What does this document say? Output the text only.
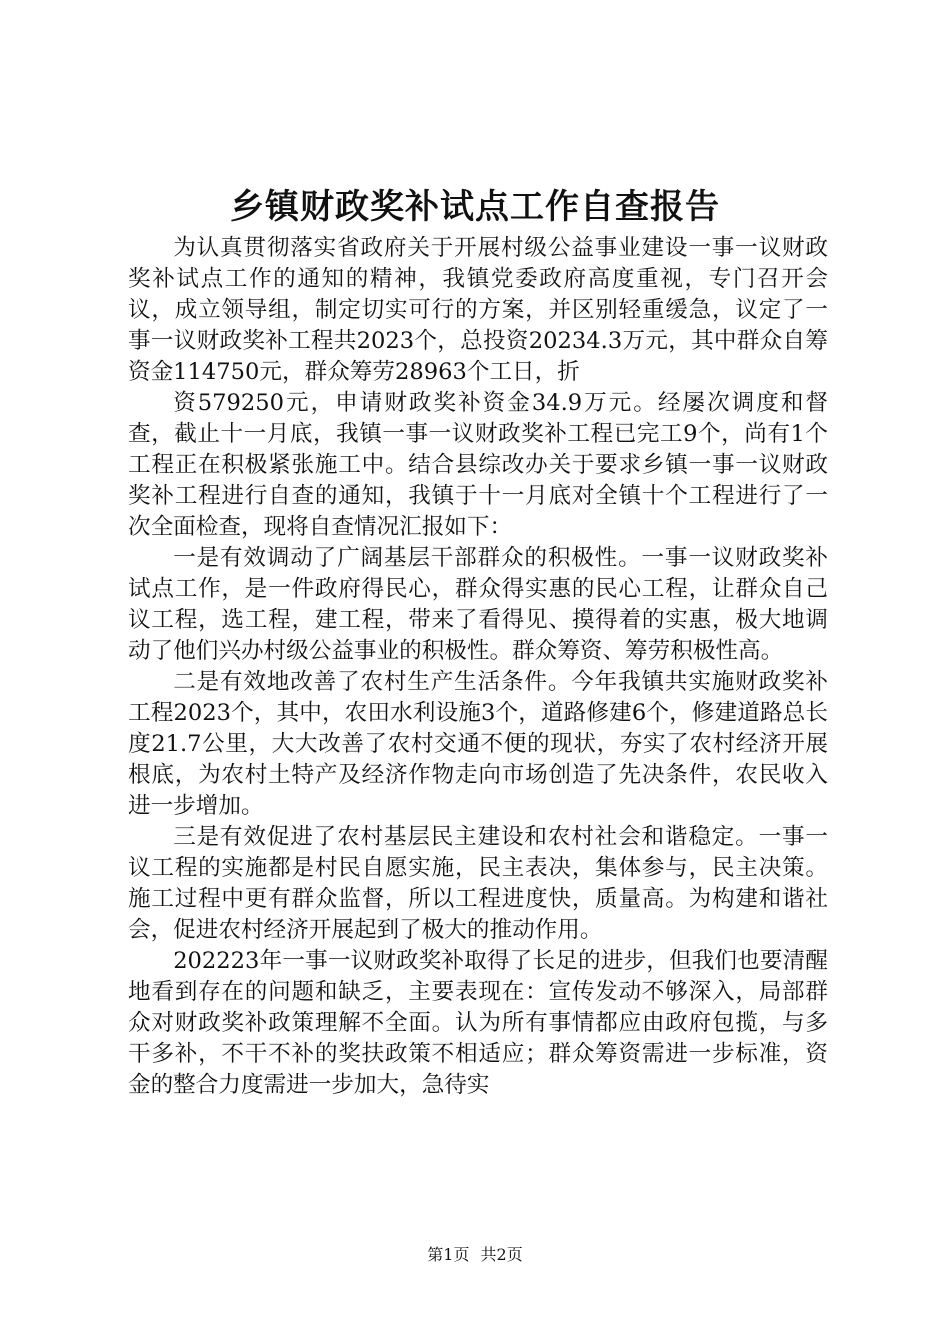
乡镇财政奖补试点工作自查报告

为认真贯彻落实省政府关于开展村级公益事业建设一事一议财政奖补试点工作的通知的精神，我镇党委政府高度重视，专门召开会议，成立领导组，制定切实可行的方案，并区别轻重缓急，议定了一事一议财政奖补工程共2023个，总投资20234.3万元，其中群众自筹资金114750元，群众筹劳28963个工日，折

资579250元，申请财政奖补资金34.9万元。经屡次调度和督查，截止十一月底，我镇一事一议财政奖补工程已完工9个，尚有1个工程正在积极紧张施工中。结合县综改办关于要求乡镇一事一议财政奖补工程进行自查的通知，我镇于十一月底对全镇十个工程进行了一次全面检查，现将自查情况汇报如下：

一是有效调动了广阔基层干部群众的积极性。一事一议财政奖补试点工作，是一件政府得民心，群众得实惠的民心工程，让群众自己议工程，选工程，建工程，带来了看得见、摸得着的实惠，极大地调动了他们兴办村级公益事业的积极性。群众筹资、筹劳积极性高。

二是有效地改善了农村生产生活条件。今年我镇共实施财政奖补工程2023个，其中，农田水利设施3个，道路修建6个，修建道路总长度21.7公里，大大改善了农村交通不便的现状，夯实了农村经济开展根底，为农村土特产及经济作物走向市场创造了先决条件，农民收入进一步增加。

三是有效促进了农村基层民主建设和农村社会和谐稳定。一事一议工程的实施都是村民自愿实施，民主表决，集体参与，民主决策。施工过程中更有群众监督，所以工程进度快，质量高。为构建和谐社会，促进农村经济开展起到了极大的推动作用。

202223年一事一议财政奖补取得了长足的进步，但我们也要清醒地看到存在的问题和缺乏，主要表现在：宣传发动不够深入，局部群众对财政奖补政策理解不全面。认为所有事情都应由政府包揽，与多干多补，不干不补的奖扶政策不相适应；群众筹资需进一步标准，资金的整合力度需进一步加大，急待实

第1页 共2页
